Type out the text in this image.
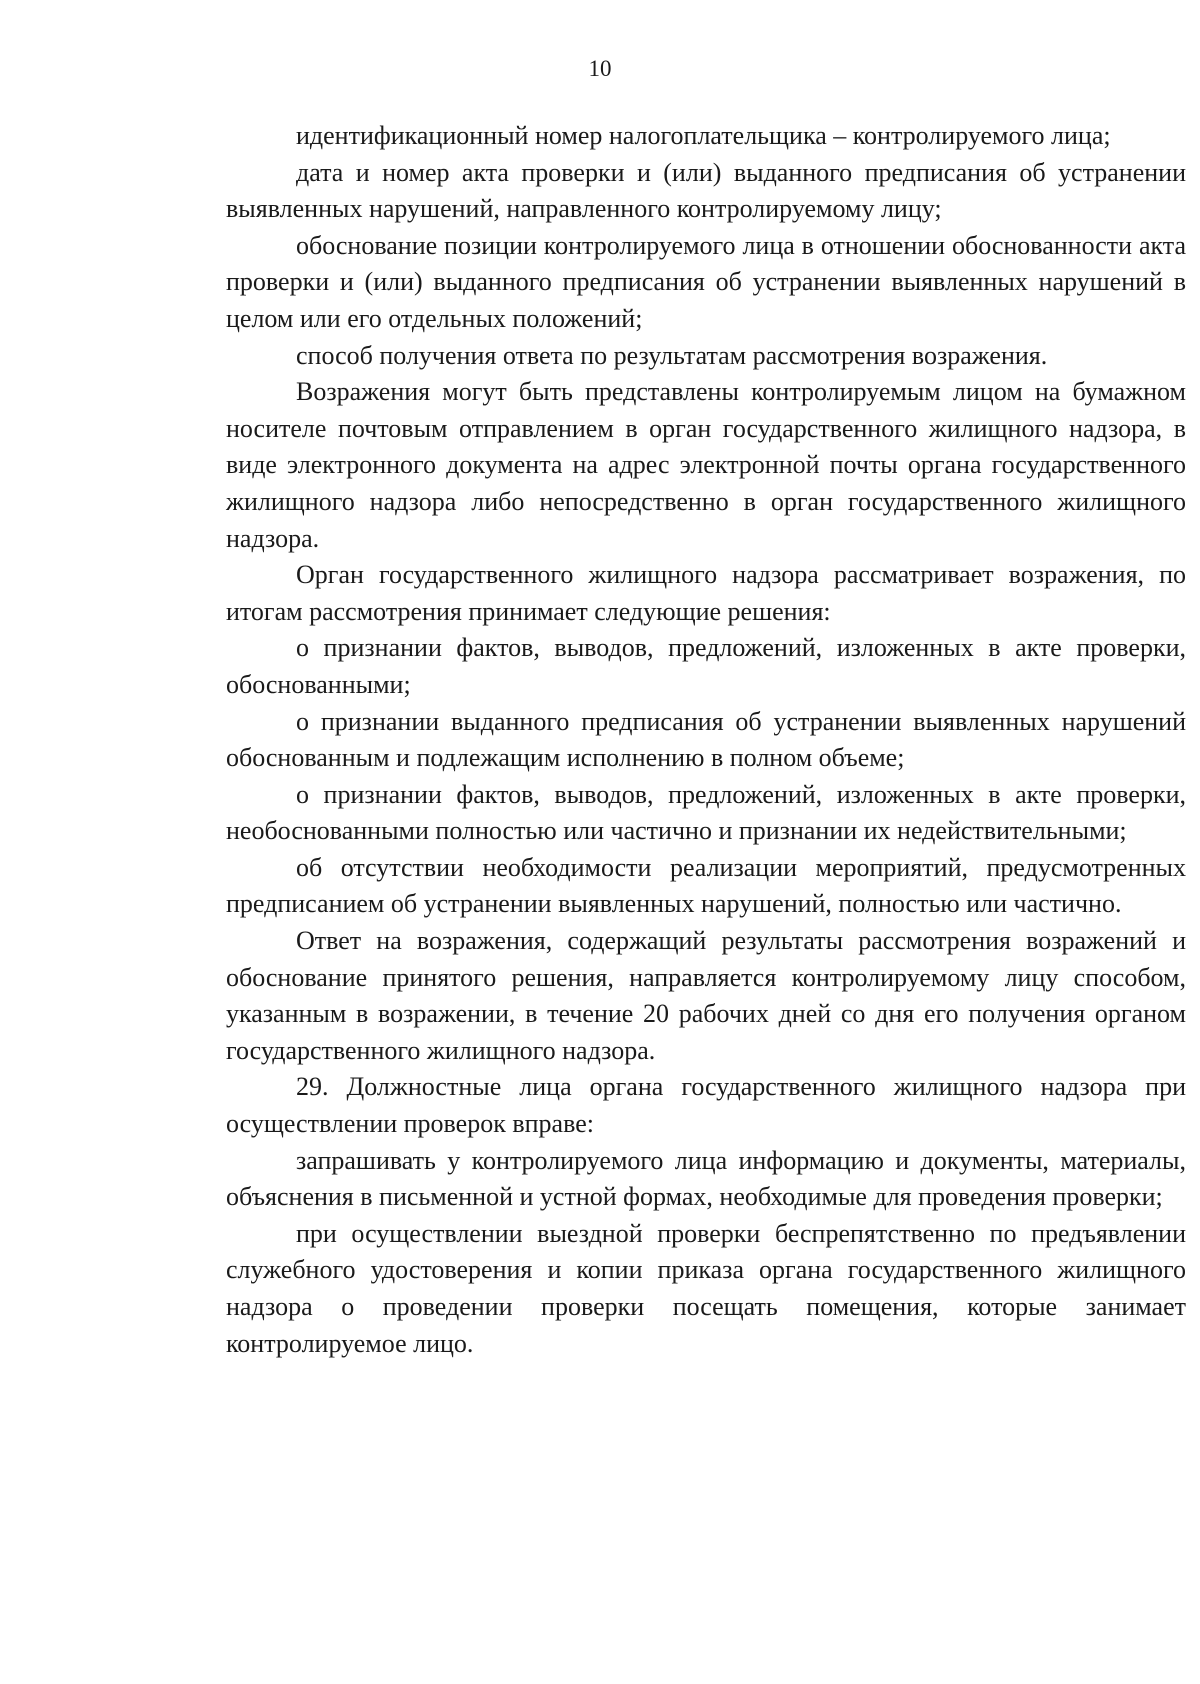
10

идентификационный номер налогоплательщика – контролируемого лица;

дата и номер акта проверки и (или) выданного предписания об устранении выявленных нарушений, направленного контролируемому лицу;

обоснование позиции контролируемого лица в отношении обоснованности акта проверки и (или) выданного предписания об устранении выявленных нарушений в целом или его отдельных положений;

способ получения ответа по результатам рассмотрения возражения.

Возражения могут быть представлены контролируемым лицом на бумажном носителе почтовым отправлением в орган государственного жилищного надзора, в виде электронного документа на адрес электронной почты органа государственного жилищного надзора либо непосредственно в орган государственного жилищного надзора.

Орган государственного жилищного надзора рассматривает возражения, по итогам рассмотрения принимает следующие решения:

о признании фактов, выводов, предложений, изложенных в акте проверки, обоснованными;

о признании выданного предписания об устранении выявленных нарушений обоснованным и подлежащим исполнению в полном объеме;

о признании фактов, выводов, предложений, изложенных в акте проверки, необоснованными полностью или частично и признании их недействительными;

об отсутствии необходимости реализации мероприятий, предусмотренных предписанием об устранении выявленных нарушений, полностью или частично.

Ответ на возражения, содержащий результаты рассмотрения возражений и обоснование принятого решения, направляется контролируемому лицу способом, указанным в возражении, в течение 20 рабочих дней со дня его получения органом государственного жилищного надзора.

29. Должностные лица органа государственного жилищного надзора при осуществлении проверок вправе:

запрашивать у контролируемого лица информацию и документы, материалы, объяснения в письменной и устной формах, необходимые для проведения проверки;

при осуществлении выездной проверки беспрепятственно по предъявлении служебного удостоверения и копии приказа органа государственного жилищного надзора о проведении проверки посещать помещения, которые занимает контролируемое лицо.
